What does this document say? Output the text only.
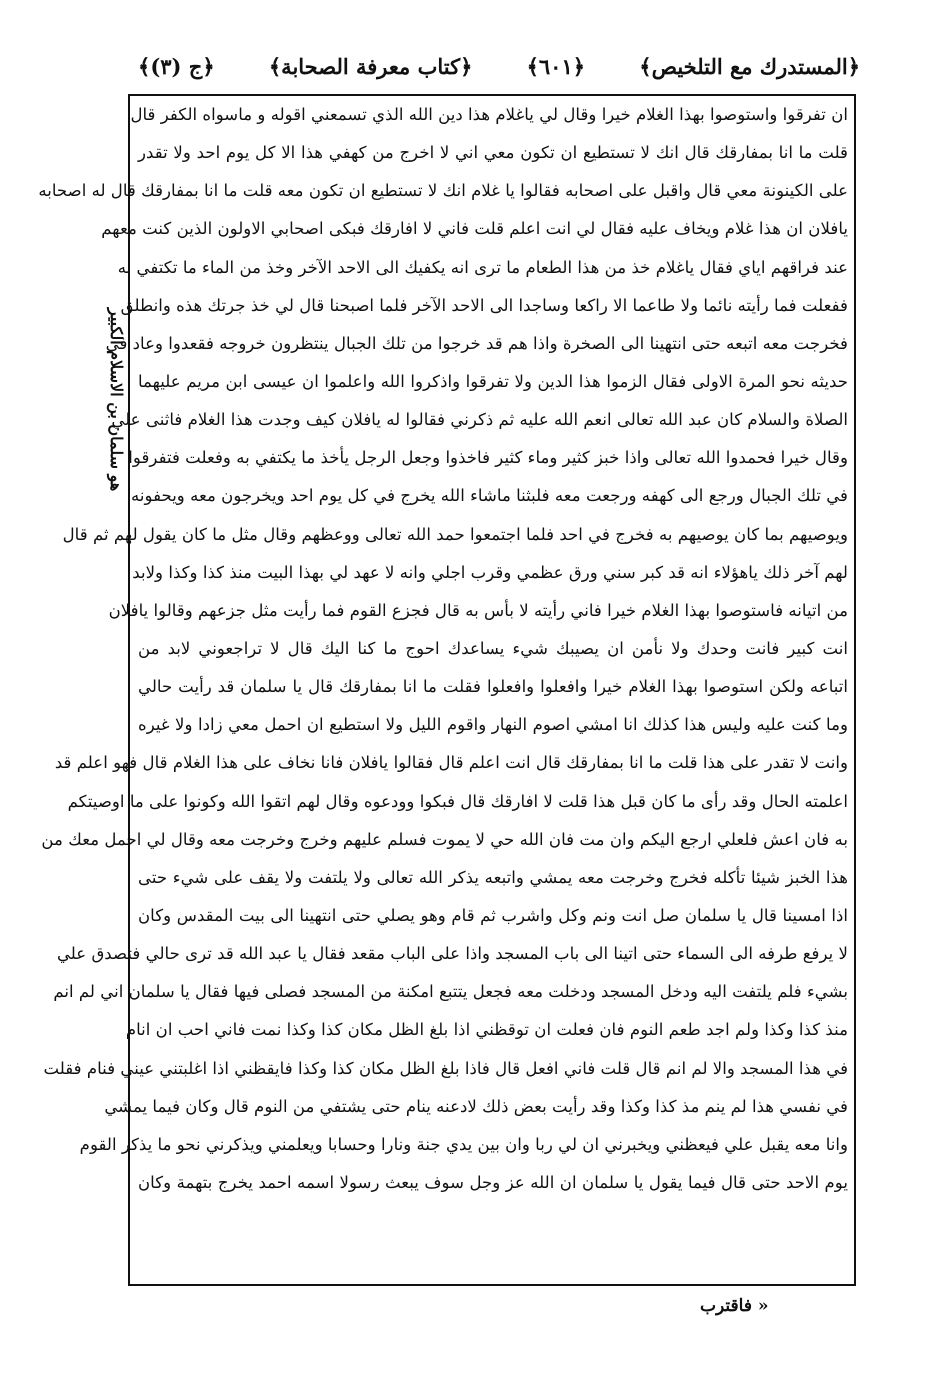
﴿المستدرك مع التلخيص﴾
﴿٦٠١﴾
﴿كتاب معرفة الصحابة﴾
﴿ج (٣)﴾
ان تفرقوا واستوصوا بهذا الغلام خيرا وقال لي ياغلام هذا دين الله الذي تسمعني اقوله و ماسواه الكفر قال
قلت ما انا بمفارقك قال انك لا تستطيع ان تكون معي اني لا اخرج من كهفي هذا الا كل يوم احد ولا تقدر
على الكينونة معي قال واقبل على اصحابه فقالوا يا غلام انك لا تستطيع ان تكون معه قلت ما انا بمفارقك قال له اصحابه
يافلان ان هذا غلام ويخاف عليه فقال لي انت اعلم قلت فاني لا افارقك فبكى اصحابي الاولون الذين كنت معهم
عند فراقهم اياي فقال ياغلام خذ من هذا الطعام ما ترى انه يكفيك الى الاحد الآخر وخذ من الماء ما تكتفي به
ففعلت فما رأيته نائما ولا طاعما الا راكعا وساجدا الى الاحد الآخر فلما اصبحنا قال لي خذ جرتك هذه وانطلق
فخرجت معه اتبعه حتى انتهينا الى الصخرة واذا هم قد خرجوا من تلك الجبال ينتظرون خروجه فقعدوا وعاد في
حديثه نحو المرة الاولى فقال الزموا هذا الدين ولا تفرقوا واذكروا الله واعلموا ان عيسى ابن مريم عليهما
الصلاة والسلام كان عبد الله تعالى انعم الله عليه ثم ذكرني فقالوا له يافلان كيف وجدت هذا الغلام فاثنى علي
وقال خيرا فحمدوا الله تعالى واذا خبز كثير وماء كثير فاخذوا وجعل الرجل يأخذ ما يكتفي به وفعلت فتفرقوا
في تلك الجبال ورجع الى كهفه ورجعت معه فلبثنا ماشاء الله يخرج في كل يوم احد ويخرجون معه ويحفونه
ويوصيهم بما كان يوصيهم به فخرج في احد فلما اجتمعوا حمد الله تعالى ووعظهم وقال مثل ما كان يقول لهم ثم قال
لهم آخر ذلك ياهؤلاء انه قد كبر سني ورق عظمي وقرب اجلي وانه لا عهد لي بهذا البيت منذ كذا وكذا ولابد
من اتيانه فاستوصوا بهذا الغلام خيرا فاني رأيته لا بأس به قال فجزع القوم فما رأيت مثل جزعهم وقالوا يافلان
انت كبير فانت وحدك ولا نأمن ان يصيبك شيء يساعدك احوج ما كنا اليك قال لا تراجعوني لابد من
اتباعه ولكن استوصوا بهذا الغلام خيرا وافعلوا وافعلوا فقلت ما انا بمفارقك قال يا سلمان قد رأيت حالي
وما كنت عليه وليس هذا كذلك انا امشي اصوم النهار واقوم الليل ولا استطيع ان احمل معي زادا ولا غيره
وانت لا تقدر على هذا قلت ما انا بمفارقك قال انت اعلم قال فقالوا يافلان فانا نخاف على هذا الغلام قال فهو اعلم قد
اعلمته الحال وقد رأى ما كان قبل هذا قلت لا افارقك قال فبكوا وودعوه وقال لهم اتقوا الله وكونوا على ما اوصيتكم
به فان اعش فلعلي ارجع اليكم وان مت فان الله حي لا يموت فسلم عليهم وخرج وخرجت معه وقال لي احمل معك من
هذا الخبز شيئا تأكله فخرج وخرجت معه يمشي واتبعه يذكر الله تعالى ولا يلتفت ولا يقف على شيء حتى
اذا امسينا قال يا سلمان صل انت ونم وكل واشرب ثم قام وهو يصلي حتى انتهينا الى بيت المقدس وكان
لا يرفع طرفه الى السماء حتى اتينا الى باب المسجد واذا على الباب مقعد فقال يا عبد الله قد ترى حالي فتصدق علي
بشيء فلم يلتفت اليه ودخل المسجد ودخلت معه فجعل يتتبع امكنة من المسجد فصلى فيها فقال يا سلمان اني لم انم
منذ كذا وكذا ولم اجد طعم النوم فان فعلت ان توقظني اذا بلغ الظل مكان كذا وكذا نمت فاني احب ان انام
في هذا المسجد والا لم انم قال قلت فاني افعل قال فاذا بلغ الظل مكان كذا وكذا فايقظني اذا اغلبتني عيني فنام فقلت
في نفسي هذا لم ينم مذ كذا وكذا وقد رأيت بعض ذلك لادعنه ينام حتى يشتفي من النوم قال وكان فيما يمشي
وانا معه يقبل علي فيعظني ويخبرني ان لي ربا وان بين يدي جنة ونارا وحسابا ويعلمني ويذكرني نحو ما يذكر القوم
يوم الاحد حتى قال فيما يقول يا سلمان ان الله عز وجل سوف يبعث رسولا اسمه احمد يخرج بتهمة وكان
هو سلمان بن الاسلام الكبير
« فاقترب
